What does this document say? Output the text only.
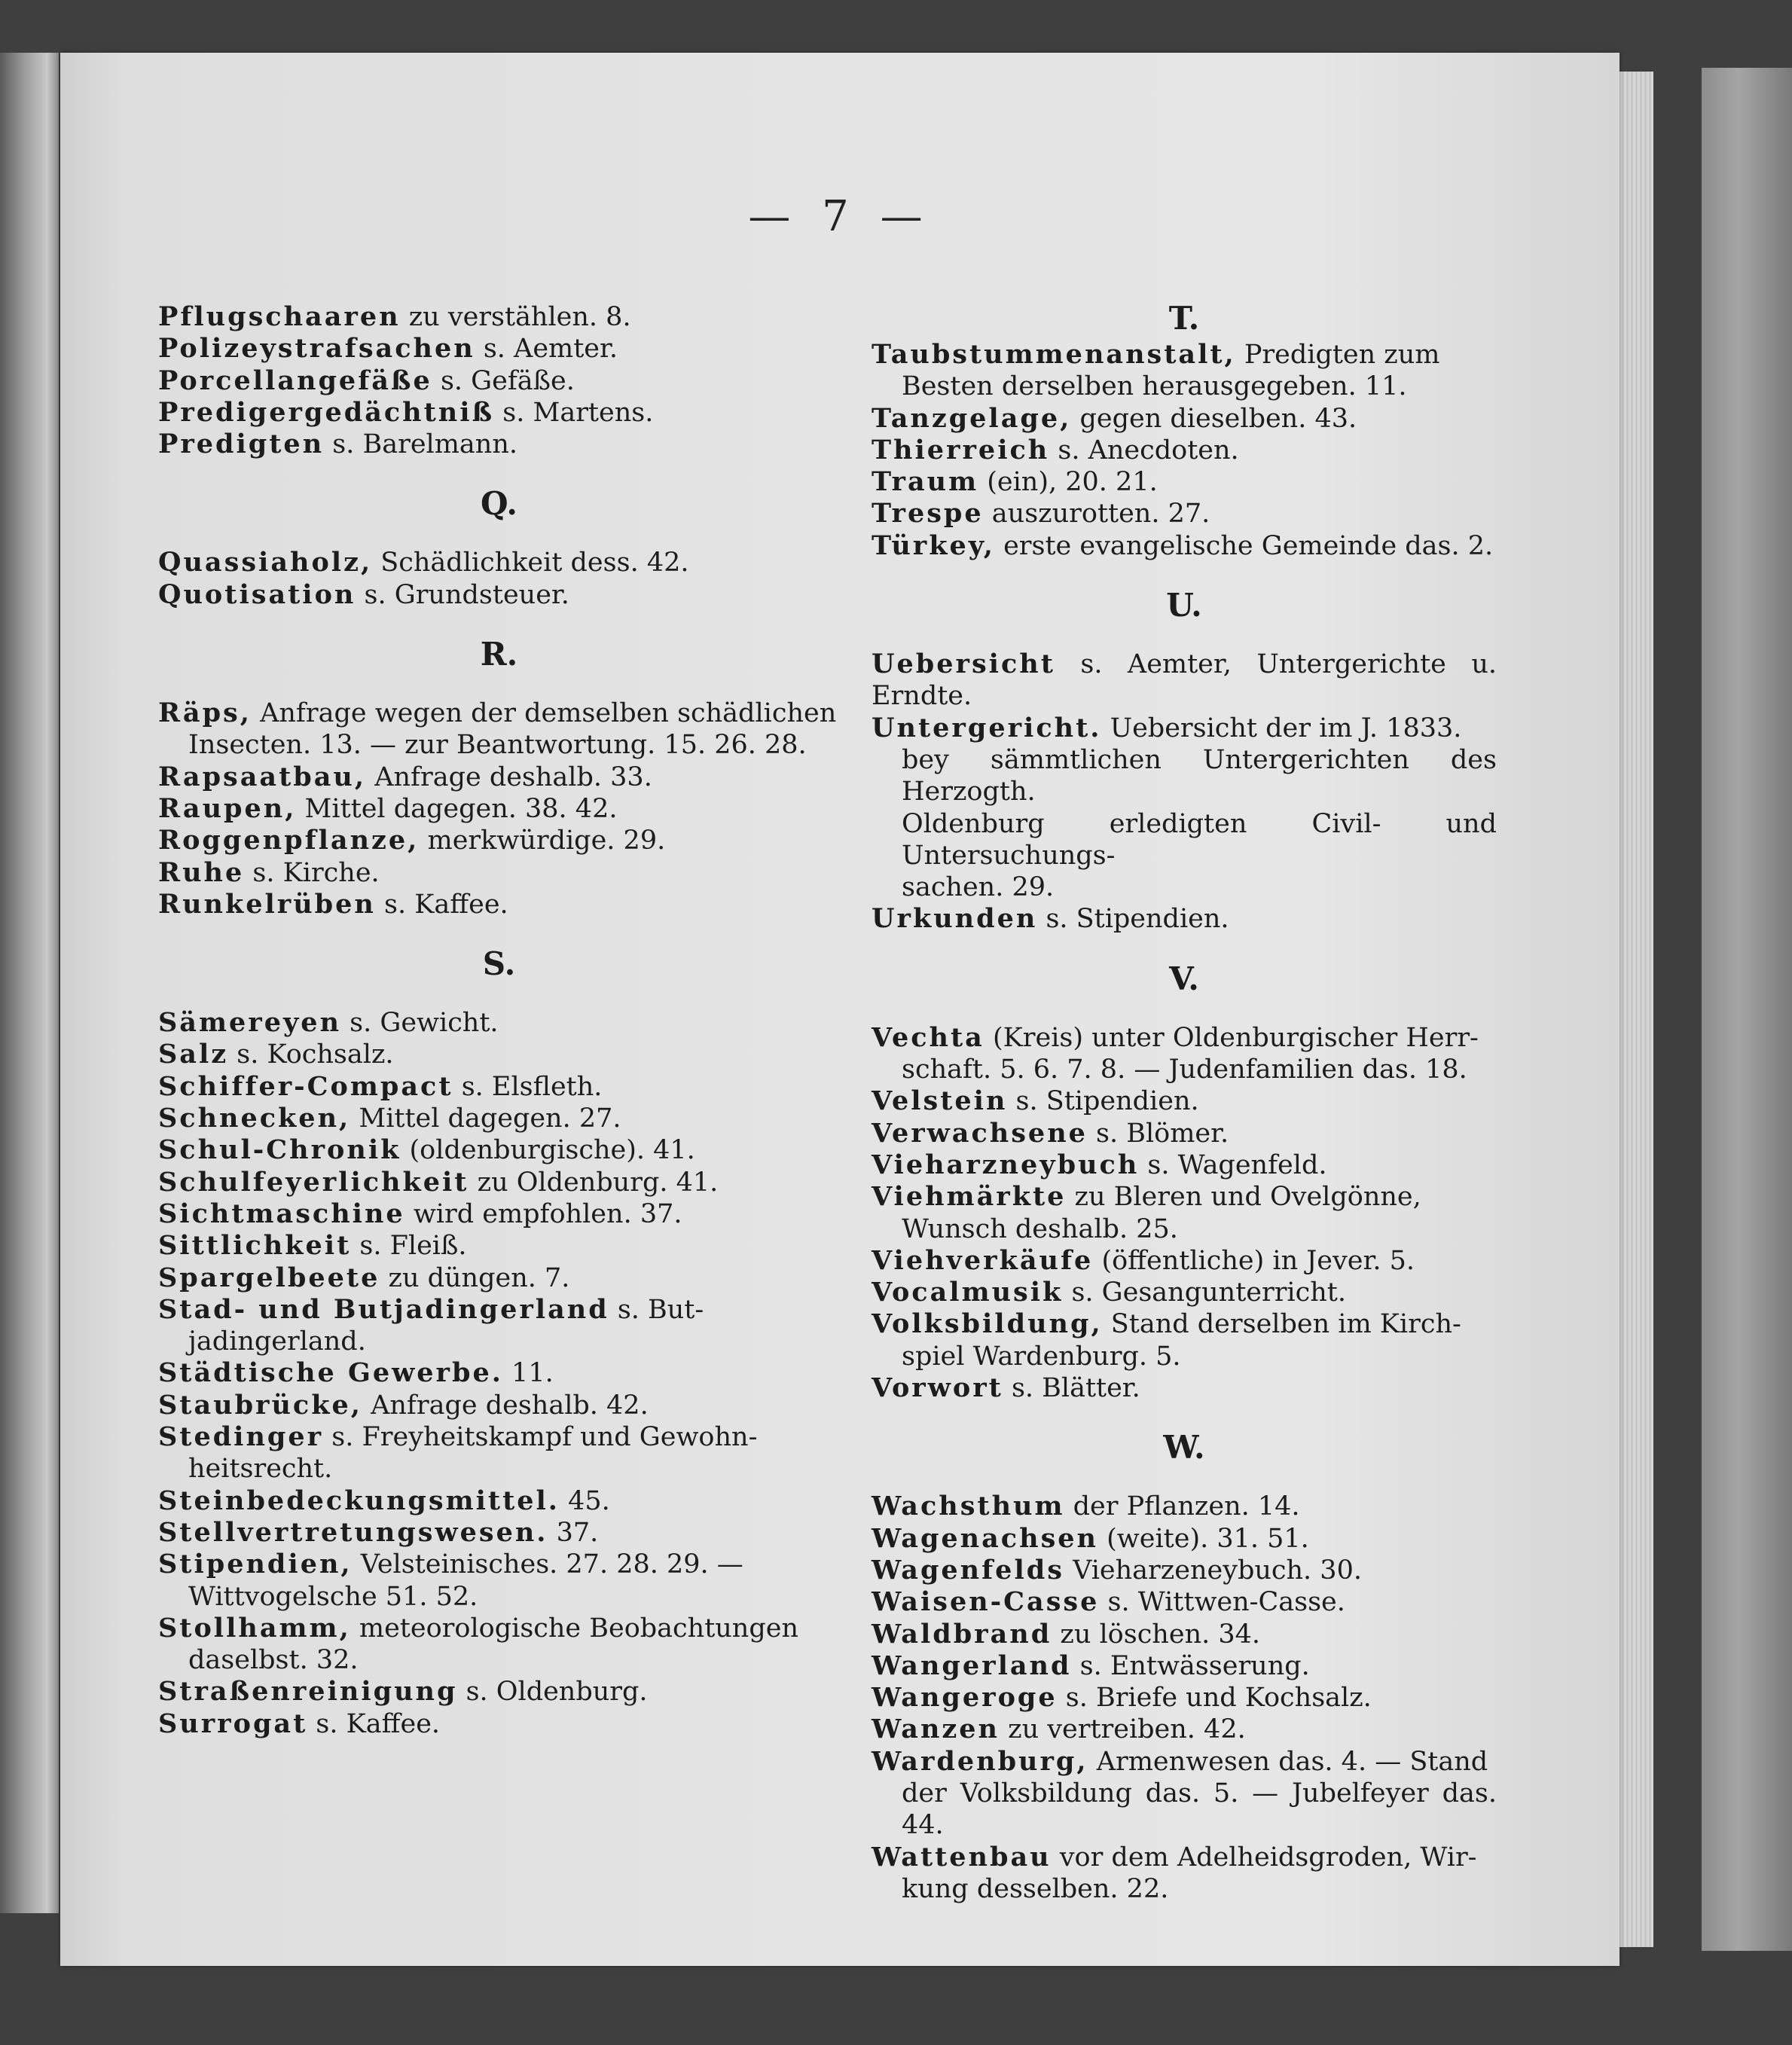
— 7 —

Pflugschaaren zu verstählen. 8.

Polizeystrafsachen s. Aemter.

Porcellangefäße s. Gefäße.

Predigergedächtniß s. Martens.

Predigten s. Barelmann.

Q.

Quassiaholz, Schädlichkeit dess. 42.

Quotisation s. Grundsteuer.

R.

Räps, Anfrage wegen der demselben schädlichen

Insecten. 13. — zur Beantwortung. 15. 26. 28.

Rapsaatbau, Anfrage deshalb. 33.

Raupen, Mittel dagegen. 38. 42.

Roggenpflanze, merkwürdige. 29.

Ruhe s. Kirche.

Runkelrüben s. Kaffee.

S.

Sämereyen s. Gewicht.

Salz s. Kochsalz.

Schiffer-Compact s. Elsfleth.

Schnecken, Mittel dagegen. 27.

Schul-Chronik (oldenburgische). 41.

Schulfeyerlichkeit zu Oldenburg. 41.

Sichtmaschine wird empfohlen. 37.

Sittlichkeit s. Fleiß.

Spargelbeete zu düngen. 7.

Stad- und Butjadingerland s. But-

jadingerland.

Städtische Gewerbe. 11.

Staubrücke, Anfrage deshalb. 42.

Stedinger s. Freyheitskampf und Gewohn-

heitsrecht.

Steinbedeckungsmittel. 45.

Stellvertretungswesen. 37.

Stipendien, Velsteinisches. 27. 28. 29. —

Wittvogelsche 51. 52.

Stollhamm, meteorologische Beobachtungen

daselbst. 32.

Straßenreinigung s. Oldenburg.

Surrogat s. Kaffee.

T.

Taubstummenanstalt, Predigten zum

Besten derselben herausgegeben. 11.

Tanzgelage, gegen dieselben. 43.

Thierreich s. Anecdoten.

Traum (ein), 20. 21.

Trespe auszurotten. 27.

Türkey, erste evangelische Gemeinde das. 2.

U.

Uebersicht s. Aemter, Untergerichte u. Erndte.

Untergericht. Uebersicht der im J. 1833.

bey sämmtlichen Untergerichten des Herzogth.

Oldenburg erledigten Civil- und Untersuchungs-

sachen. 29.

Urkunden s. Stipendien.

V.

Vechta (Kreis) unter Oldenburgischer Herr-

schaft. 5. 6. 7. 8. — Judenfamilien das. 18.

Velstein s. Stipendien.

Verwachsene s. Blömer.

Vieharzneybuch s. Wagenfeld.

Viehmärkte zu Bleren und Ovelgönne,

Wunsch deshalb. 25.

Viehverkäufe (öffentliche) in Jever. 5.

Vocalmusik s. Gesangunterricht.

Volksbildung, Stand derselben im Kirch-

spiel Wardenburg. 5.

Vorwort s. Blätter.

W.

Wachsthum der Pflanzen. 14.

Wagenachsen (weite). 31. 51.

Wagenfelds Vieharzeneybuch. 30.

Waisen-Casse s. Wittwen-Casse.

Waldbrand zu löschen. 34.

Wangerland s. Entwässerung.

Wangeroge s. Briefe und Kochsalz.

Wanzen zu vertreiben. 42.

Wardenburg, Armenwesen das. 4. — Stand

der Volksbildung das. 5. — Jubelfeyer das. 44.

Wattenbau vor dem Adelheidsgroden, Wir-

kung desselben. 22.
